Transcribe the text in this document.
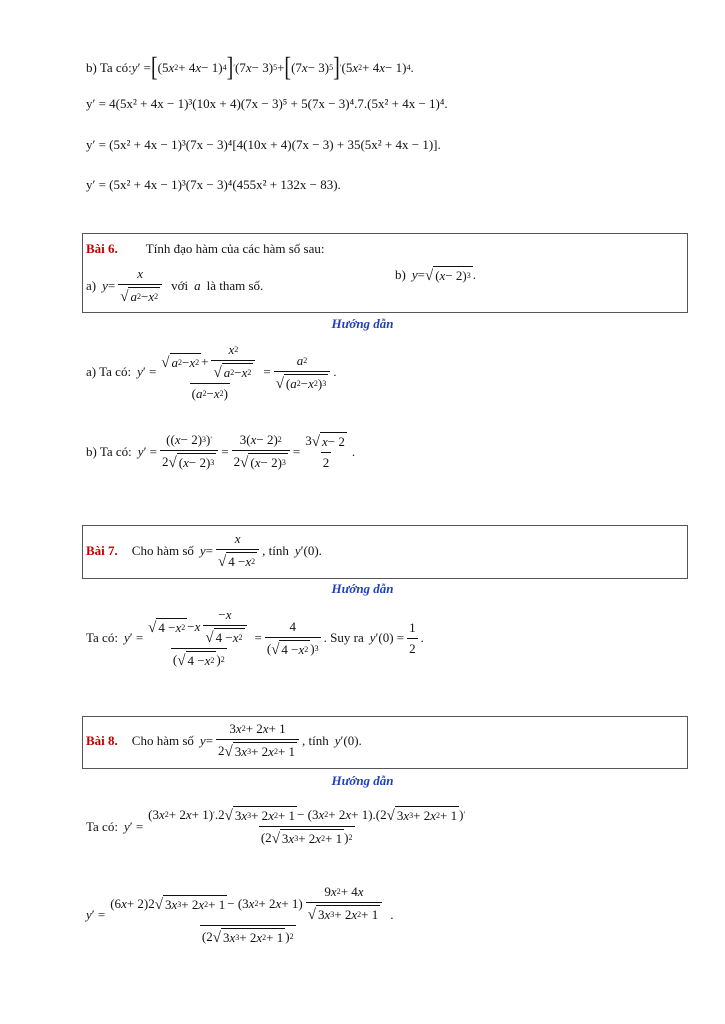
b) Ta có: y ′ = [ (5 x 2 + 4 x − 1) 4 ] ′ (7 x − 3) 5 + [ (7 x − 3) 5 ] ′ (5 x 2 + 4 x − 1) 4 .
y′ = 4(5x² + 4x − 1)³(10x + 4)(7x − 3)⁵ + 5(7x − 3)⁴.7.(5x² + 4x − 1)⁴.
y′ = (5x² + 4x − 1)³(7x − 3)⁴[4(10x + 4)(7x − 3) + 35(5x² + 4x − 1)].
y′ = (5x² + 4x − 1)³(7x − 3)⁴(455x² + 132x − 83).
Bài 6. Tính đạo hàm của các hàm số sau:
a) $y = \frac{x}{√ a 2 - x 2}$ với a là tham số.
b) y = √ ( x − 2) 3 .
Hướng dẫn
a) Ta có: y ′ = $\frac{√ a 2 - x 2 + \frac{x 2}{√ a 2 - x 2}}{( a 2 - x 2 )} = \frac{a 2}{√ ( a 2 - x 2 ) 3}$ .
b) Ta có: y ′ = $\frac{(( x - 2) 3 ) '}{2 √ ( x - 2) 3} = \frac{3( x - 2) 2}{2 √ ( x - 2) 3} = \frac{3 √ x - 2}{2}$ .
Bài 7. Cho hàm số $y = \frac{x}{√ 4 - x 2}$ , tính y ′(0).
Hướng dẫn
Ta có: y ′ = $\frac{√ 4 - x 2 - x \frac{- x}{√ 4 - x 2}}{( √ 4 - x 2 ) 2} = \frac{4}{( √ 4 - x 2 ) 3}$ . Suy ra y $'(0) = \frac{1}{2}$ .
Bài 8. Cho hàm số $y = \frac{3 x 2 + 2 x + 1}{2 √ 3 x 3 + 2 x 2 + 1}$ , tính y ′(0).
Hướng dẫn
Ta có: y ′ =
(3 x 2 + 2 x + 1) ′ .2 √ 3 x 3 + 2 x 2 + 1 − (3 x 2 + 2 x + 1).(2 √ 3 x 3 + 2 x 2 + 1 ) ′
(2 √ 3 x 3 + 2 x 2 + 1 ) 2
y ′ =
(6 x + 2)2 √ 3 x 3 + 2 x 2 + 1 − (3 x 2 + 2 $x + 1) \frac{9 x 2 + 4 x}{√ 3 x 3 + 2 x 2 + 1}$
(2 √ 3 x 3 + 2 x 2 + 1 ) 2
.
